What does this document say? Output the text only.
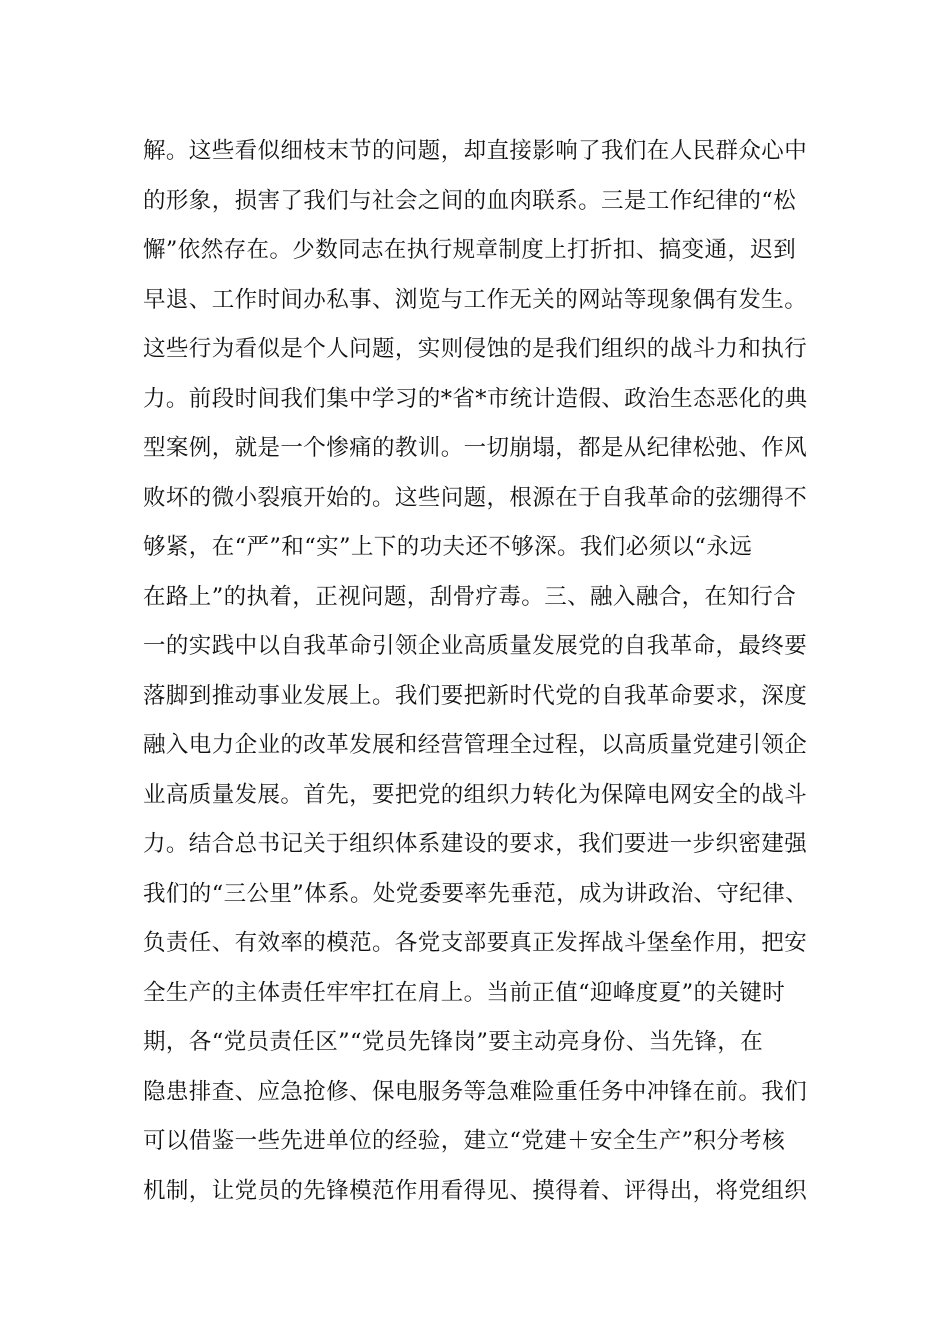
解。这些看似细枝末节的问题，却直接影响了我们在人民群众心中
的形象，损害了我们与社会之间的血肉联系。三是工作纪律的“松
懈”依然存在。少数同志在执行规章制度上打折扣、搞变通，迟到
早退、工作时间办私事、浏览与工作无关的网站等现象偶有发生。
这些行为看似是个人问题，实则侵蚀的是我们组织的战斗力和执行
力。前段时间我们集中学习的*省*市统计造假、政治生态恶化的典
型案例，就是一个惨痛的教训。一切崩塌，都是从纪律松弛、作风
败坏的微小裂痕开始的。这些问题，根源在于自我革命的弦绷得不
够紧，在“严”和“实”上下的功夫还不够深。我们必须以“永远
在路上”的执着，正视问题，刮骨疗毒。三、融入融合，在知行合
一的实践中以自我革命引领企业高质量发展党的自我革命，最终要
落脚到推动事业发展上。我们要把新时代党的自我革命要求，深度
融入电力企业的改革发展和经营管理全过程，以高质量党建引领企
业高质量发展。首先，要把党的组织力转化为保障电网安全的战斗
力。结合总书记关于组织体系建设的要求，我们要进一步织密建强
我们的“三公里”体系。处党委要率先垂范，成为讲政治、守纪律、
负责任、有效率的模范。各党支部要真正发挥战斗堡垒作用，把安
全生产的主体责任牢牢扛在肩上。当前正值“迎峰度夏”的关键时
期，各“党员责任区”“党员先锋岗”要主动亮身份、当先锋，在
隐患排查、应急抢修、保电服务等急难险重任务中冲锋在前。我们
可以借鉴一些先进单位的经验，建立“党建＋安全生产”积分考核
机制，让党员的先锋模范作用看得见、摸得着、评得出，将党组织
